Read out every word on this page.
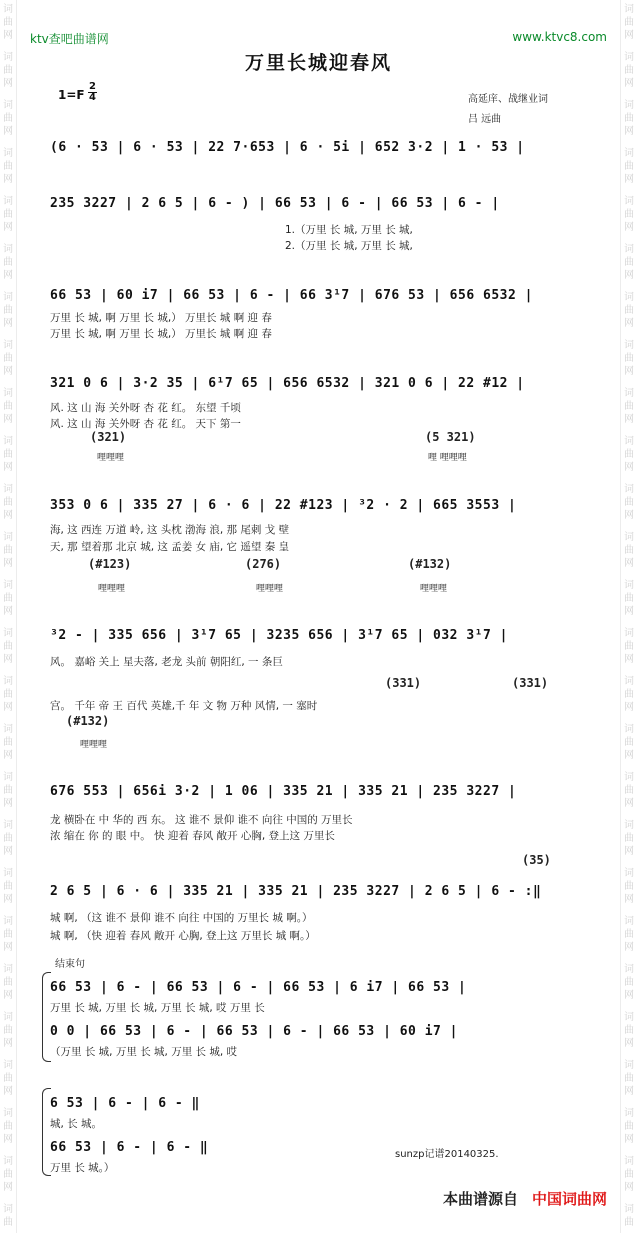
词
曲
网
词
曲
网
词
曲
网
词
曲
网
词
曲
网
词
曲
网
词
曲
网
词
曲
网
词
曲
网
词
曲
网
词
曲
网
词
曲
网
词
曲
网
词
曲
网
词
曲
网
词
曲
网
词
曲
网
词
曲
网
词
曲
网
词
曲
网
词
曲
网
词
曲
网
词
曲
网
词
曲
网
词
曲
网
词
曲
词
曲
网
词
曲
网
词
曲
网
词
曲
网
词
曲
网
词
曲
网
词
曲
网
词
曲
网
词
曲
网
词
曲
网
词
曲
网
词
曲
网
词
曲
网
词
曲
网
词
曲
网
词
曲
网
词
曲
网
词
曲
网
词
曲
网
词
曲
网
词
曲
网
词
曲
网
词
曲
网
词
曲
网
词
曲
网
词
曲
ktv查吧曲谱网	www.ktvc8.com
万里长城迎春风
1=F
2
4	高延庠、战继业词
吕 远曲
(6 · 53 | 6 · 53 | 22 7·653 | 6 · 5i | 652 3·2 | 1 · 53 |
235 3227 | 2 6 5 | 6 - ) | 66 53 | 6 - | 66 53 | 6 - |
1.（万里 长 城, 万里 长 城,
2.（万里 长 城, 万里 长 城,
66 53 | 60 i7 | 66 53 | 6 - | 66 3¹7 | 676 53 | 656 6532 |
万里 长 城, 啊 万里 长 城,） 万里长 城 啊 迎 春
万里 长 城, 啊 万里 长 城,） 万里长 城 啊 迎 春
321 0 6 | 3·2 35 | 6¹7 65 | 656 6532 | 321 0 6 | 22 #12 |
风. 这 山 海 关外呀 杏 花 红。 东望 千顷
风. 这 山 海 关外呀 杏 花 红。 天下 第一
(321)
哩哩哩
(5 321)
哩 哩哩哩
353 0 6 | 335 27 | 6 · 6 | 22 #123 | ³2 · 2 | 665 3553 |
海, 这 西连 万道 岭, 这 头枕 渤海 浪, 那 尾刺 戈 壁
天, 那 望着那 北京 城, 这 孟姜 女 庙, 它 遥望 秦 皇
(#123)
哩哩哩
(276)
哩哩哩
(#132)
哩哩哩
³2 - | 335 656 | 3¹7 65 | 3235 656 | 3¹7 65 | 032 3¹7 |
风。 嘉峪 关上 星夫落, 老龙 头前 朝阳红, 一 条巨
(331)	(331)
宫。 千年 帝 王 百代 英雄,千 年 文 物 万种 风情, 一 塞时
(#132)
哩哩哩
676 553 | 656i 3·2 | 1 06 | 335 21 | 335 21 | 235 3227 |
龙 横卧在 中 华的 西 东。 这 谁不 景仰 谁不 向往 中国的 万里长
浓 缩在 你 的 眼 中。 快 迎着 春风 敞开 心胸, 登上这 万里长
(35)
2 6 5 | 6 · 6 | 335 21 | 335 21 | 235 3227 | 2 6 5 | 6 - :‖
城 啊, （这 谁不 景仰 谁不 向往 中国的 万里长 城 啊。）
城 啊, （快 迎着 春风 敞开 心胸, 登上这 万里长 城 啊。）
结束句
66 53 | 6 - | 66 53 | 6 - | 66 53 | 6 i7 | 66 53 |
万里 长 城, 万里 长 城, 万里 长 城, 哎 万里 长
0 0 | 66 53 | 6 - | 66 53 | 6 - | 66 53 | 60 i7 |
（万里 长 城, 万里 长 城, 万里 长 城, 哎
6 53 | 6 - | 6 - ‖
城, 长 城。
66 53 | 6 - | 6 - ‖
万里 长 城。）
sunzp记谱20140325.
本曲谱源自 中国词曲网
